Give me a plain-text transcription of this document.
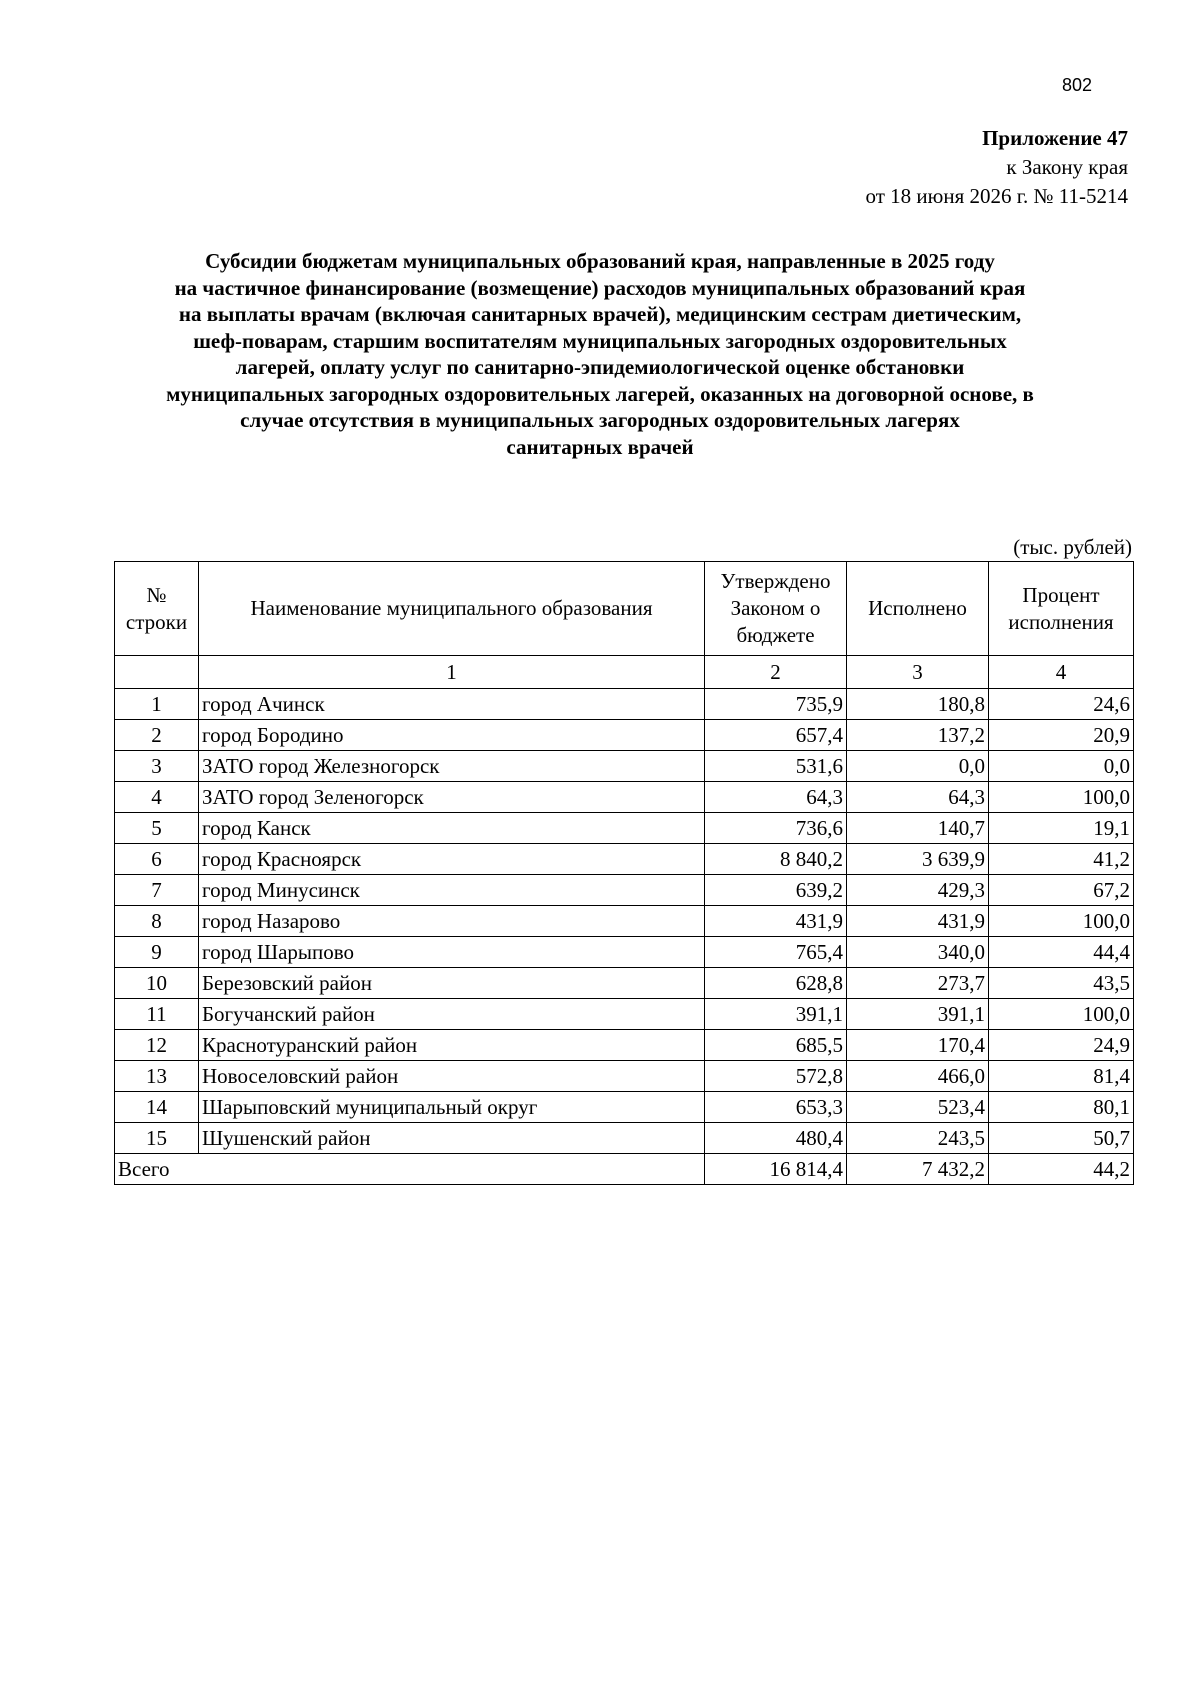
802
Приложение 47
к Закону края
от 18 июня 2026 г. № 11-5214
Субсидии бюджетам муниципальных образований края, направленные в 2025 году
на частичное финансирование (возмещение) расходов муниципальных образований края
на выплаты врачам (включая санитарных врачей), медицинским сестрам диетическим,
шеф-поварам, старшим воспитателям муниципальных загородных оздоровительных
лагерей, оплату услуг по санитарно-эпидемиологической оценке обстановки
муниципальных загородных оздоровительных лагерей, оказанных на договорной основе, в
случае отсутствия в муниципальных загородных оздоровительных лагерях
санитарных врачей
(тыс. рублей)
№ строки	Наименование муниципального образования	Утверждено Законом о бюджете	Исполнено	Процент исполнения
	1	2	3	4
1	город Ачинск	735,9	180,8	24,6
2	город Бородино	657,4	137,2	20,9
3	ЗАТО город Железногорск	531,6	0,0	0,0
4	ЗАТО город Зеленогорск	64,3	64,3	100,0
5	город Канск	736,6	140,7	19,1
6	город Красноярск	8 840,2	3 639,9	41,2
7	город Минусинск	639,2	429,3	67,2
8	город Назарово	431,9	431,9	100,0
9	город Шарыпово	765,4	340,0	44,4
10	Березовский район	628,8	273,7	43,5
11	Богучанский район	391,1	391,1	100,0
12	Краснотуранский район	685,5	170,4	24,9
13	Новоселовский район	572,8	466,0	81,4
14	Шарыповский муниципальный округ	653,3	523,4	80,1
15	Шушенский район	480,4	243,5	50,7
Всего		16 814,4	7 432,2	44,2
